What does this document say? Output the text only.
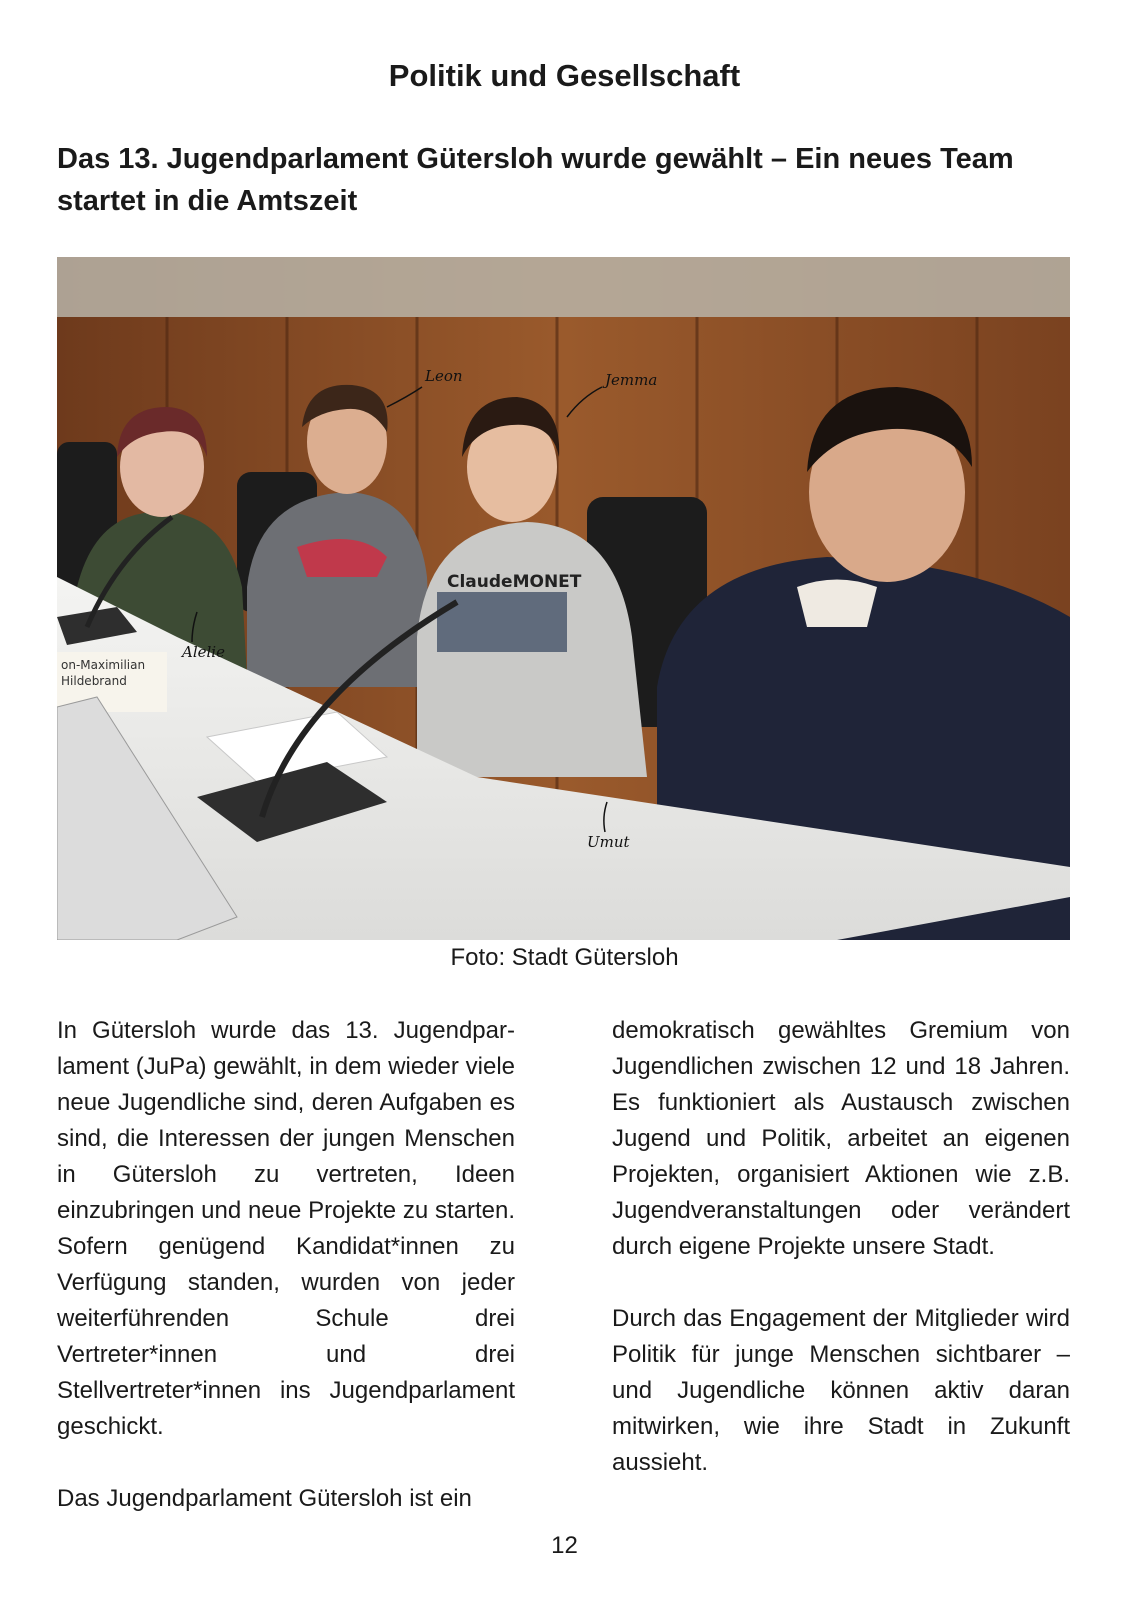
Politik und Gesellschaft
Das 13. Jugendparlament Gütersloh wurde gewählt – Ein neues Team startet in die Amtszeit
ClaudeMONET
on-Maximilian
Hildebrand
Leon	Jemma
Alelie
Umut
Foto: Stadt Gütersloh

In Gütersloh wurde das 13. Jugendparlament (JuPa) gewählt, in dem wieder viele neue Jugendliche sind, deren Aufgaben es sind, die Interessen der jungen Menschen in Gütersloh zu vertreten, Ideen einzubringen und neue Projekte zu starten. Sofern genügend Kandidat*innen zu Verfügung standen, wurden von jeder weiterführenden Schule drei Vertreter*innen und drei Stellvertreter*innen ins Jugendparlament geschickt.

Das Jugendparlament Gütersloh ist ein

demokratisch gewähltes Gremium von Jugendlichen zwischen 12 und 18 Jahren. Es funktioniert als Austausch zwischen Jugend und Politik, arbeitet an eigenen Projekten, organisiert Aktionen wie z.B. Jugendveranstaltungen oder verändert durch eigene Projekte unsere Stadt.

Durch das Engagement der Mitglieder wird Politik für junge Menschen sichtbarer – und Jugendliche können aktiv daran mitwirken, wie ihre Stadt in Zukunft aussieht.

12
